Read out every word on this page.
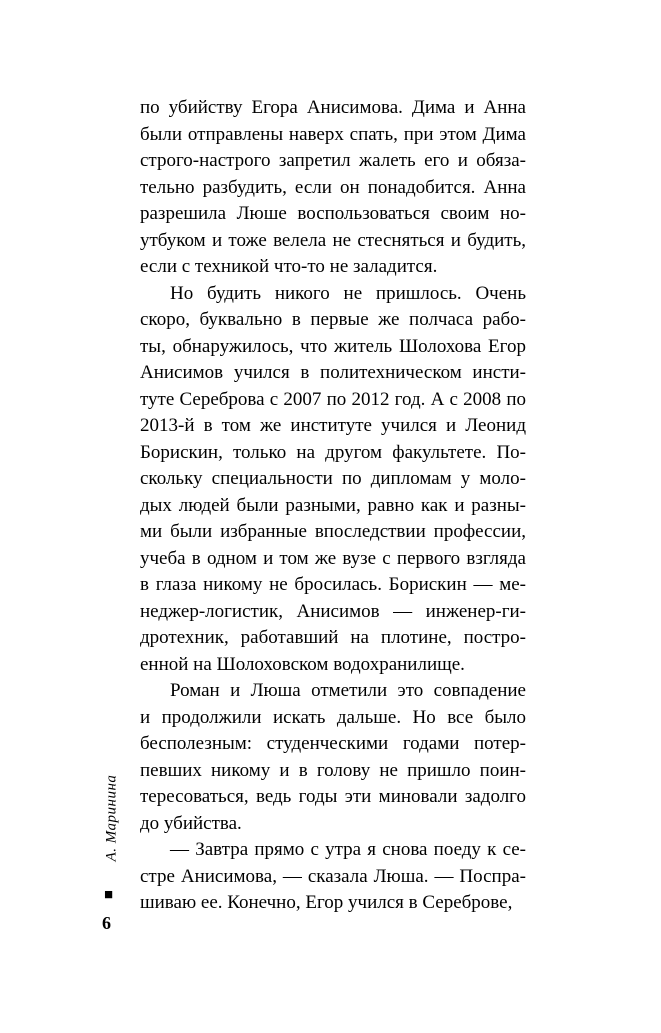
по убийству Егора Анисимова. Дима и Анна
были отправлены наверх спать, при этом Дима
строго-настрого запретил жалеть его и обяза-
тельно разбудить, если он понадобится. Анна
разрешила Люше воспользоваться своим но-
утбуком и тоже велела не стесняться и будить,
если с техникой что-то не заладится.
Но будить никого не пришлось. Очень
скоро, буквально в первые же полчаса рабо-
ты, обнаружилось, что житель Шолохова Егор
Анисимов учился в политехническом инсти-
туте Сереброва с 2007 по 2012 год. А с 2008 по
2013-й в том же институте учился и Леонид
Борискин, только на другом факультете. По-
скольку специальности по дипломам у моло-
дых людей были разными, равно как и разны-
ми были избранные впоследствии профессии,
учеба в одном и том же вузе с первого взгляда
в глаза никому не бросилась. Борискин — ме-
неджер-логистик, Анисимов — инженер-ги-
дротехник, работавший на плотине, постро-
енной на Шолоховском водохранилище.
Роман и Люша отметили это совпадение
и продолжили искать дальше. Но все было
бесполезным: студенческими годами потер-
певших никому и в голову не пришло поин-
тересоваться, ведь годы эти миновали задолго
до убийства.
— Завтра прямо с утра я снова поеду к се-
стре Анисимова, — сказала Люша. — Поспра-
шиваю ее. Конечно, Егор учился в Сереброве,
А. Маринина
■
6
